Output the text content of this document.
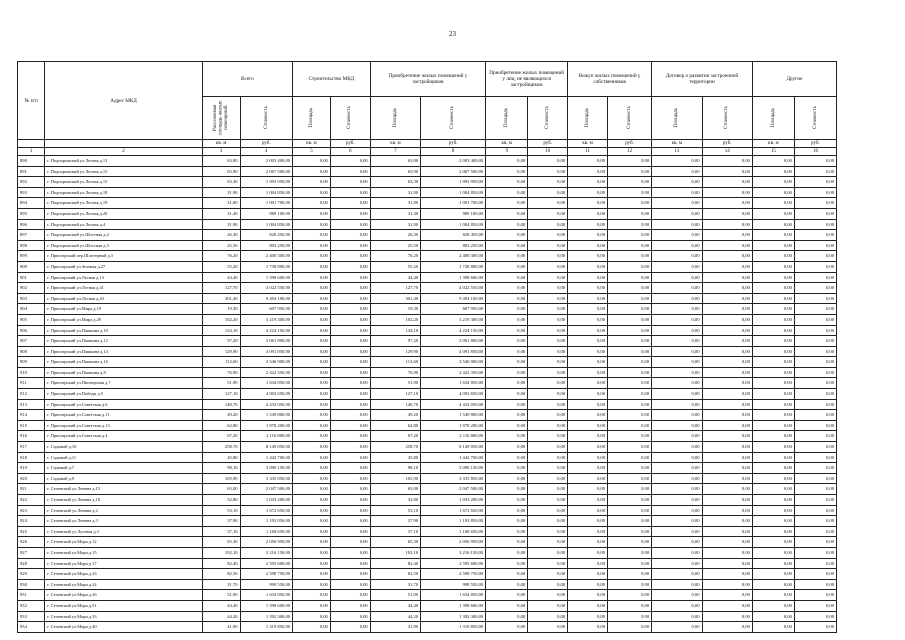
23
№ п/п	Адрес МКД	Всего		Строительство МКД		Приобретение жилых помещений у застройщиков		Приобретение жилых помещений у лиц, не являющихся застройщиком		Выкуп жилых помещений у собственников		Договор о развитии застроенной территории		Другие	

		Расселяемая площадь жилых помещений	Стоимость	Площадь	Стоимость	Площадь	Стоимость	Площадь	Стоимость	Площадь	Стоимость	Площадь	Стоимость	Площадь	Стоимость

		кв. м	руб.	кв. м	руб.	кв. м	руб.	кв. м	руб.	кв. м	руб.	кв. м	руб.	кв. м	руб.
1	2	3	4	5	6	7	8	9	10	11	12	13	14	15	16
890	г. Подпорожский ул.Лесная д.13	63,80	2 003 400,00	0,00	0,00	63,80	2 003 400,00	0,00	0,00	0,00	0,00	0,00	0,00	0,00	0,00
891	г. Подпорожский ул.Лесная д.15	65,90	2 067 500,00	0,00	0,00	65,90	2 067 500,00	0,00	0,00	0,00	0,00	0,00	0,00	0,00	0,00
892	г. Подпорожский ул.Лесная д.15	63,30	1 993 950,00	0,00	0,00	63,30	1 993 950,00	0,00	0,00	0,00	0,00	0,00	0,00	0,00	0,00
893	г. Подпорожский ул.Лесная д.18	31,90	1 004 850,00	0,00	0,00	31,90	1 004 850,00	0,00	0,00	0,00	0,00	0,00	0,00	0,00	0,00
894	г. Подпорожский ул.Лесная д.19	31,80	1 001 700,00	0,00	0,00	31,80	1 001 700,00	0,00	0,00	0,00	0,00	0,00	0,00	0,00	0,00
895	г. Подпорожский ул.Лесная д.20	31,40	989 100,00	0,00	0,00	31,40	989 100,00	0,00	0,00	0,00	0,00	0,00	0,00	0,00	0,00
896	г. Подпорожский ул.Лесная д.4	31,90	1 004 850,00	0,00	0,00	31,90	1 004 850,00	0,00	0,00	0,00	0,00	0,00	0,00	0,00	0,00
897	г. Подпорожский ул.Шостная д.2	26,30	828 450,00	0,00	0,00	26,30	828 450,00	0,00	0,00	0,00	0,00	0,00	0,00	0,00	0,00
898	г. Подпорожский ул.Шостная д.3	25,50	803 250,00	0,00	0,00	25,50	803 250,00	0,00	0,00	0,00	0,00	0,00	0,00	0,00	0,00
899	г. Приозерский пер.Шлотерный д.5	76,20	2 400 300,00	0,00	0,00	76,20	2 400 300,00	0,00	0,00	0,00	0,00	0,00	0,00	0,00	0,00
900	г. Приозерский ул.Зеленая д.27	55,20	1 738 800,00	0,00	0,00	55,20	1 738 800,00	0,00	0,00	0,00	0,00	0,00	0,00	0,00	0,00
901	г. Приозерский ул.Лесная д.13	44,40	1 398 600,00	0,00	0,00	44,40	1 398 600,00	0,00	0,00	0,00	0,00	0,00	0,00	0,00	0,00
902	г. Приозерский ул.Лесная д.41	127,70	4 022 550,00	0,00	0,00	127,70	4 022 550,00	0,00	0,00	0,00	0,00	0,00	0,00	0,00	0,00
903	г. Приозерский ул.Лесная д.43	301,40	9 494 100,00	0,00	0,00	301,40	9 494 100,00	0,00	0,00	0,00	0,00	0,00	0,00	0,00	0,00
904	г. Приозерский ул.Мира д.19	19,30	607 950,00	0,00	0,00	19,30	607 950,00	0,00	0,00	0,00	0,00	0,00	0,00	0,00	0,00
905	г. Приозерский ул.Мира д.29	102,20	3 219 300,00	0,00	0,00	102,20	3 219 300,00	0,00	0,00	0,00	0,00	0,00	0,00	0,00	0,00
906	г. Приозерский ул.Пашкина д.10	134,10	4 224 150,00	0,00	0,00	134,10	4 224 150,00	0,00	0,00	0,00	0,00	0,00	0,00	0,00	0,00
907	г. Приозерский ул.Пашкина д.12	97,20	3 061 800,00	0,00	0,00	97,20	3 061 800,00	0,00	0,00	0,00	0,00	0,00	0,00	0,00	0,00
908	г. Приозерский ул.Пашкина д.14	129,90	4 091 850,00	0,00	0,00	129,90	4 091 850,00	0,00	0,00	0,00	0,00	0,00	0,00	0,00	0,00
909	г. Приозерский ул.Пашкина д.16	112,60	3 546 900,00	0,00	0,00	112,60	3 546 900,00	0,00	0,00	0,00	0,00	0,00	0,00	0,00	0,00
910	г. Приозерский ул.Пашкина д.8	76,90	2 422 350,00	0,00	0,00	76,90	2 422 350,00	0,00	0,00	0,00	0,00	0,00	0,00	0,00	0,00
911	г. Приозерский ул.Пионерская д.7	51,90	1 634 850,00	0,00	0,00	51,90	1 634 850,00	0,00	0,00	0,00	0,00	0,00	0,00	0,00	0,00
912	г. Приозерский ул.Победы д.5	127,10	4 003 650,00	0,00	0,00	127,10	4 003 650,00	0,00	0,00	0,00	0,00	0,00	0,00	0,00	0,00
913	г. Приозерский ул.Советская д.6	140,70	4 432 050,00	0,00	0,00	140,70	4 432 050,00	0,00	0,00	0,00	0,00	0,00	0,00	0,00	0,00
914	г. Приозерский ул.Советская д.11	49,20	1 549 800,00	0,00	0,00	49,20	1 549 800,00	0,00	0,00	0,00	0,00	0,00	0,00	0,00	0,00
915	г. Приозерский ул.Советская д.13	62,80	1 978 200,00	0,00	0,00	62,80	1 978 200,00	0,00	0,00	0,00	0,00	0,00	0,00	0,00	0,00
916	г. Приозерский ул.Советская д.4	67,20	2 116 800,00	0,00	0,00	67,20	2 116 800,00	0,00	0,00	0,00	0,00	0,00	0,00	0,00	0,00
917	г. Садовый д.10	258,70	8 149 050,00	0,00	0,00	258,70	8 149 050,00	0,00	0,00	0,00	0,00	0,00	0,00	0,00	0,00
918	г. Садовый д.11	45,80	1 442 700,00	0,00	0,00	45,80	1 442 700,00	0,00	0,00	0,00	0,00	0,00	0,00	0,00	0,00
919	г. Садовый д.7	98,10	3 090 150,00	0,00	0,00	98,10	3 090 150,00	0,00	0,00	0,00	0,00	0,00	0,00	0,00	0,00
920	г. Садовый д.9	105,90	3 335 850,00	0,00	0,00	105,90	3 335 850,00	0,00	0,00	0,00	0,00	0,00	0,00	0,00	0,00
921	г. Сеченский ул.Ленина д.15	65,00	2 047 500,00	0,00	0,00	65,00	2 047 500,00	0,00	0,00	0,00	0,00	0,00	0,00	0,00	0,00
922	г. Сеченский ул.Ленина д.18	32,80	1 033 200,00	0,00	0,00	32,80	1 033 200,00	0,00	0,00	0,00	0,00	0,00	0,00	0,00	0,00
923	г. Сеченский ул.Ленина д.2	53,10	1 672 650,00	0,00	0,00	53,10	1 672 650,00	0,00	0,00	0,00	0,00	0,00	0,00	0,00	0,00
924	г. Сеченский ул.Ленина д.3	37,90	1 193 850,00	0,00	0,00	37,90	1 193 850,00	0,00	0,00	0,00	0,00	0,00	0,00	0,00	0,00
925	г. Сеченский ул.Луговая д.3	37,10	1 168 650,00	0,00	0,00	37,10	1 168 650,00	0,00	0,00	0,00	0,00	0,00	0,00	0,00	0,00
926	г. Сеченский ул.Мира д.12	65,30	2 056 950,00	0,00	0,00	65,30	2 056 950,00	0,00	0,00	0,00	0,00	0,00	0,00	0,00	0,00
927	г. Сеченский ул.Мира д.15	102,10	3 216 150,00	0,00	0,00	102,10	3 216 150,00	0,00	0,00	0,00	0,00	0,00	0,00	0,00	0,00
928	г. Сеченский ул.Мира д.17	82,40	2 595 600,00	0,00	0,00	82,40	2 595 600,00	0,00	0,00	0,00	0,00	0,00	0,00	0,00	0,00
929	г. Сеченский ул.Мира д.23	82,50	2 598 750,00	0,00	0,00	82,50	2 598 750,00	0,00	0,00	0,00	0,00	0,00	0,00	0,00	0,00
930	г. Сеченский ул.Мира д.24	31,70	998 550,00	0,00	0,00	31,70	998 550,00	0,00	0,00	0,00	0,00	0,00	0,00	0,00	0,00
931	г. Сеченский ул.Мира д.26	51,90	1 634 850,00	0,00	0,00	51,90	1 634 850,00	0,00	0,00	0,00	0,00	0,00	0,00	0,00	0,00
932	г. Сеченский ул.Мира д.31	44,40	1 398 600,00	0,00	0,00	44,40	1 398 600,00	0,00	0,00	0,00	0,00	0,00	0,00	0,00	0,00
933	г. Сеченский ул.Мира д.33	44,20	1 392 300,00	0,00	0,00	44,20	1 392 300,00	0,00	0,00	0,00	0,00	0,00	0,00	0,00	0,00
934	г. Сеченский ул.Мира д.40	41,90	1 319 850,00	0,00	0,00	41,90	1 319 850,00	0,00	0,00	0,00	0,00	0,00	0,00	0,00	0,00
